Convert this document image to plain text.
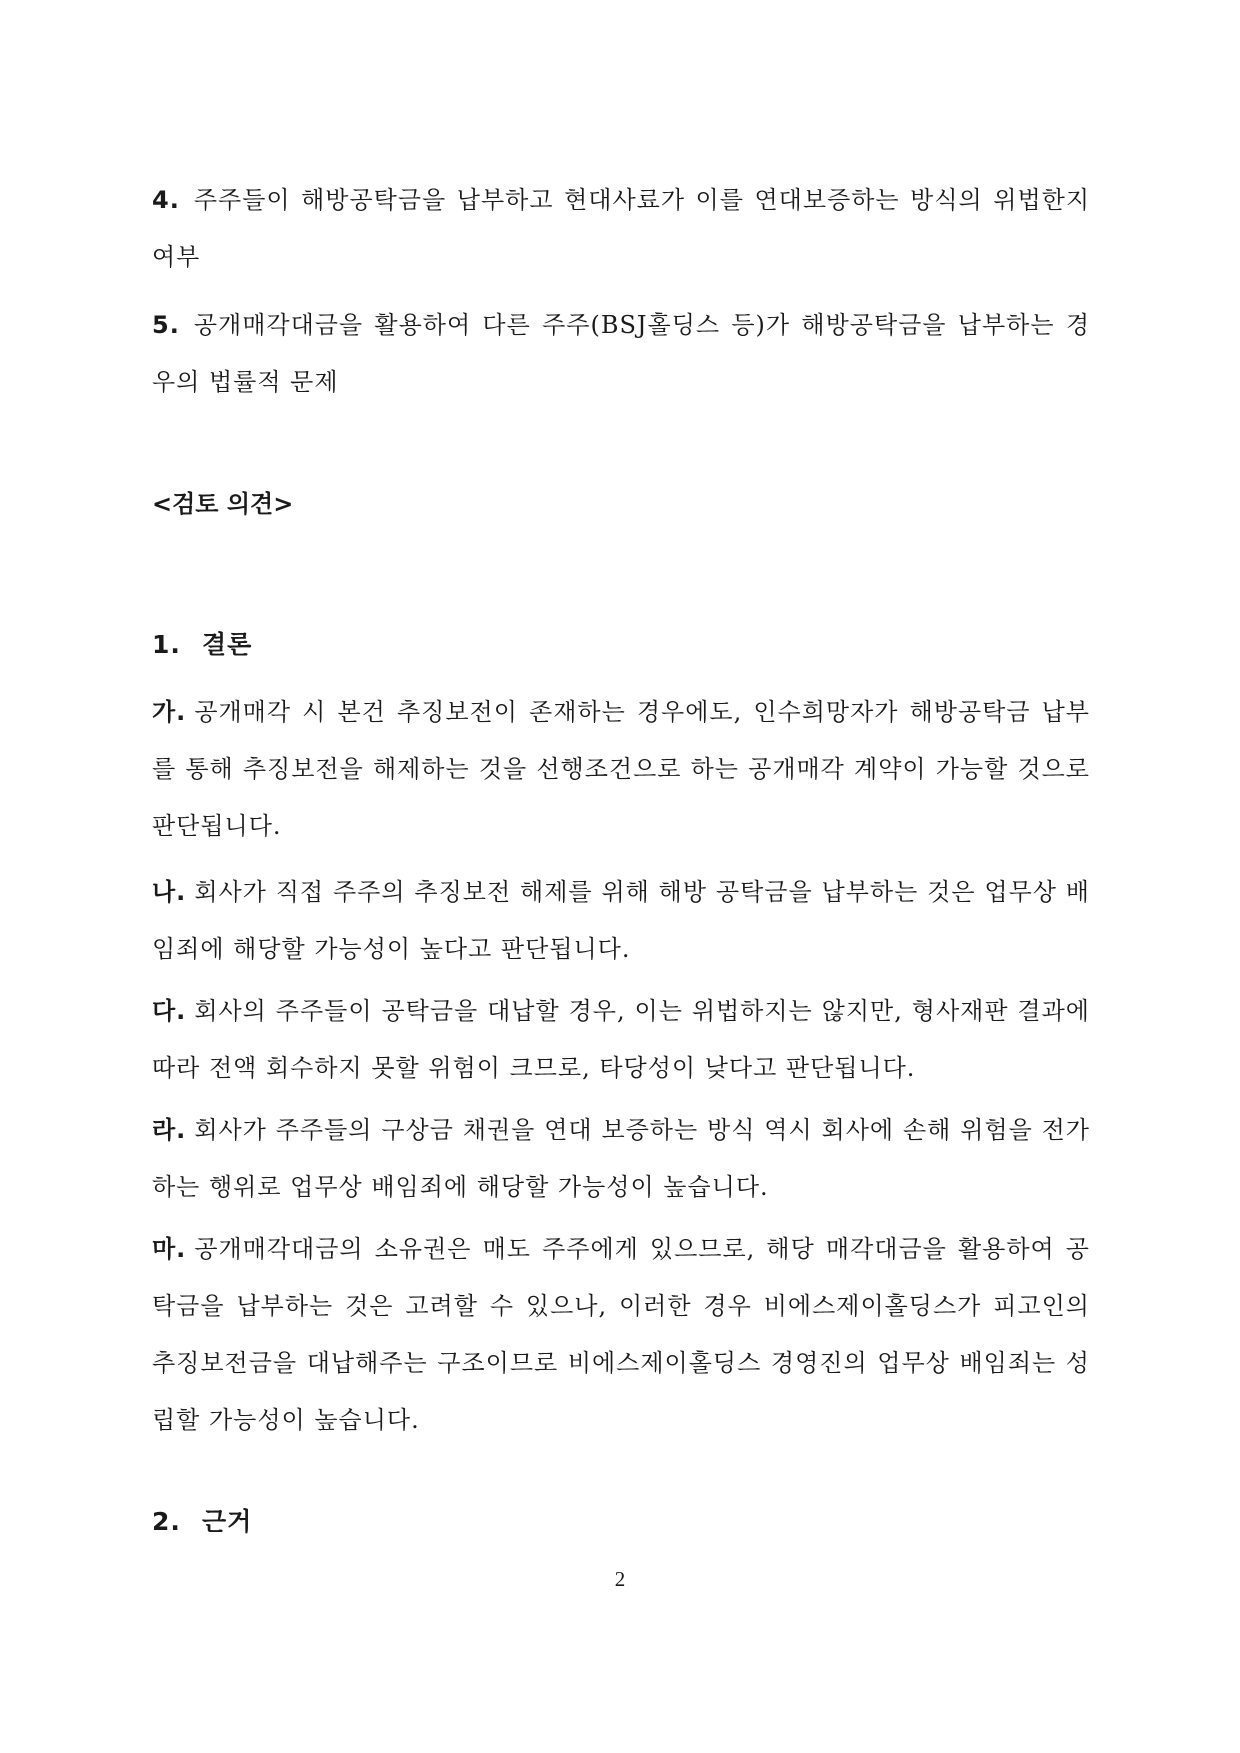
4. 주주들이 해방공탁금을 납부하고 현대사료가 이를 연대보증하는 방식의 위법한지 여부

5. 공개매각대금을 활용하여 다른 주주(BSJ홀딩스 등)가 해방공탁금을 납부하는 경우의 법률적 문제

<검토 의견>

1. 결론

가. 공개매각 시 본건 추징보전이 존재하는 경우에도, 인수희망자가 해방공탁금 납부를 통해 추징보전을 해제하는 것을 선행조건으로 하는 공개매각 계약이 가능할 것으로 판단됩니다.

나. 회사가 직접 주주의 추징보전 해제를 위해 해방 공탁금을 납부하는 것은 업무상 배임죄에 해당할 가능성이 높다고 판단됩니다.

다. 회사의 주주들이 공탁금을 대납할 경우, 이는 위법하지는 않지만, 형사재판 결과에 따라 전액 회수하지 못할 위험이 크므로, 타당성이 낮다고 판단됩니다.

라. 회사가 주주들의 구상금 채권을 연대 보증하는 방식 역시 회사에 손해 위험을 전가하는 행위로 업무상 배임죄에 해당할 가능성이 높습니다.

마. 공개매각대금의 소유권은 매도 주주에게 있으므로, 해당 매각대금을 활용하여 공탁금을 납부하는 것은 고려할 수 있으나, 이러한 경우 비에스제이홀딩스가 피고인의 추징보전금을 대납해주는 구조이므로 비에스제이홀딩스 경영진의 업무상 배임죄는 성립할 가능성이 높습니다.

2. 근거

2
